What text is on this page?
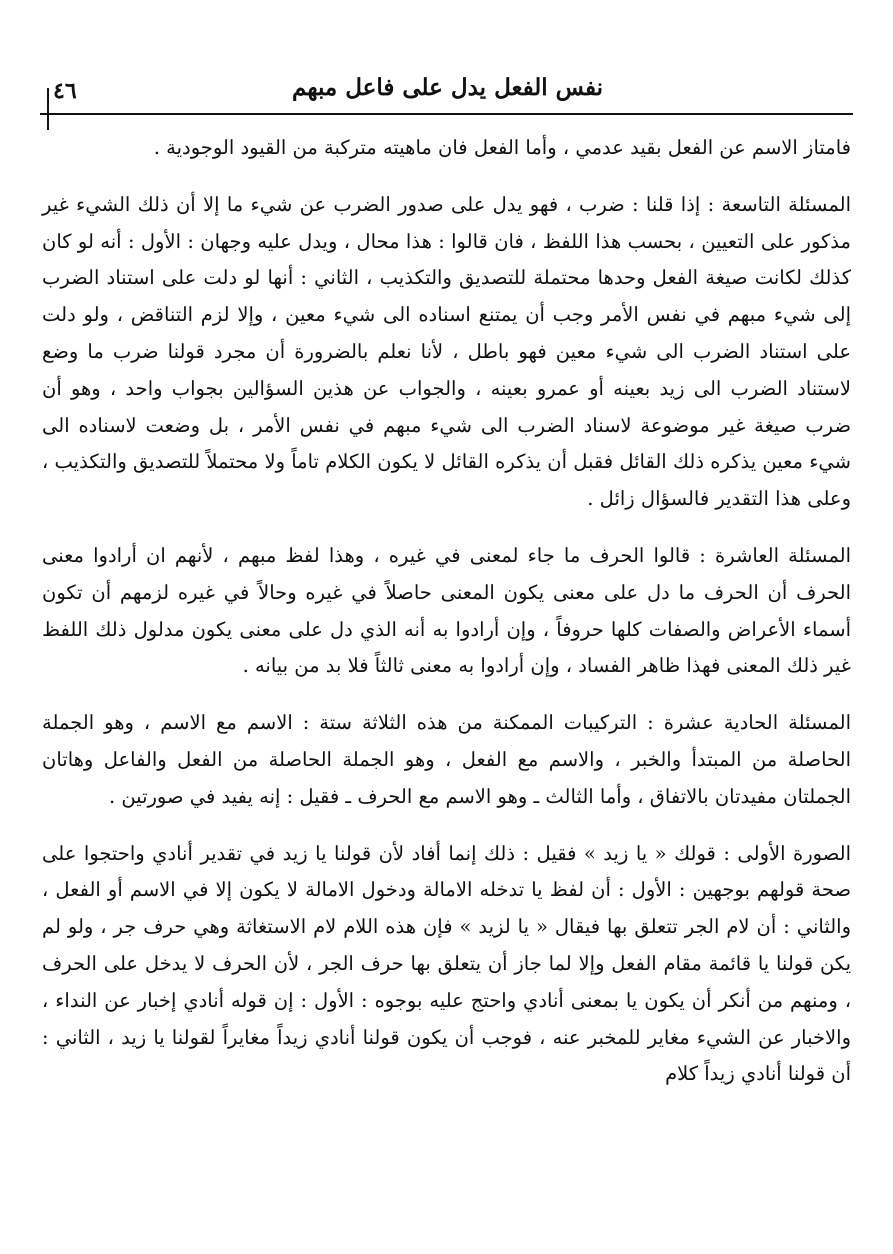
نفس الفعل يدل على فاعل مبهم
٤٦

فامتاز الاسم عن الفعل بقيد عدمي ، وأما الفعل فان ماهيته متركبة من القيود الوجودية .

المسئلة التاسعة : إذا قلنا : ضرب ، فهو يدل على صدور الضرب عن شيء ما إلا أن ذلك الشيء غير مذكور على التعيين ، بحسب هذا اللفظ ، فان قالوا : هذا محال ، ويدل عليه وجهان : الأول : أنه لو كان كذلك لكانت صيغة الفعل وحدها محتملة للتصديق والتكذيب ، الثاني : أنها لو دلت على استناد الضرب إلى شيء مبهم في نفس الأمر وجب أن يمتنع اسناده الى شيء معين ، وإلا لزم التناقض ، ولو دلت على استناد الضرب الى شيء معين فهو باطل ، لأنا نعلم بالضرورة أن مجرد قولنا ضرب ما وضع لاستناد الضرب الى زيد بعينه أو عمرو بعينه ، والجواب عن هذين السؤالين بجواب واحد ، وهو أن ضرب صيغة غير موضوعة لاسناد الضرب الى شيء مبهم في نفس الأمر ، بل وضعت لاسناده الى شيء معين يذكره ذلك القائل فقبل أن يذكره القائل لا يكون الكلام تاماً ولا محتملاً للتصديق والتكذيب ، وعلى هذا التقدير فالسؤال زائل .

المسئلة العاشرة : قالوا الحرف ما جاء لمعنى في غيره ، وهذا لفظ مبهم ، لأنهم ان أرادوا معنى الحرف أن الحرف ما دل على معنى يكون المعنى حاصلاً في غيره وحالاً في غيره لزمهم أن تكون أسماء الأعراض والصفات كلها حروفاً ، وإن أرادوا به أنه الذي دل على معنى يكون مدلول ذلك اللفظ غير ذلك المعنى فهذا ظاهر الفساد ، وإن أرادوا به معنى ثالثاً فلا بد من بيانه .

المسئلة الحادية عشرة : التركيبات الممكنة من هذه الثلاثة ستة : الاسم مع الاسم ، وهو الجملة الحاصلة من المبتدأ والخبر ، والاسم مع الفعل ، وهو الجملة الحاصلة من الفعل والفاعل وهاتان الجملتان مفيدتان بالاتفاق ، وأما الثالث ـ وهو الاسم مع الحرف ـ فقيل : إنه يفيد في صورتين .

الصورة الأولى : قولك « يا زيد » فقيل : ذلك إنما أفاد لأن قولنا يا زيد في تقدير أنادي واحتجوا على صحة قولهم بوجهين : الأول : أن لفظ يا تدخله الامالة ودخول الامالة لا يكون إلا في الاسم أو الفعل ، والثاني : أن لام الجر تتعلق بها فيقال « يا لزيد » فإن هذه اللام لام الاستغاثة وهي حرف جر ، ولو لم يكن قولنا يا قائمة مقام الفعل وإلا لما جاز أن يتعلق بها حرف الجر ، لأن الحرف لا يدخل على الحرف ، ومنهم من أنكر أن يكون يا بمعنى أنادي واحتج عليه بوجوه : الأول : إن قوله أنادي إخبار عن النداء ، والاخبار عن الشيء مغاير للمخبر عنه ، فوجب أن يكون قولنا أنادي زيداً مغايراً لقولنا يا زيد ، الثاني : أن قولنا أنادي زيداً كلام
